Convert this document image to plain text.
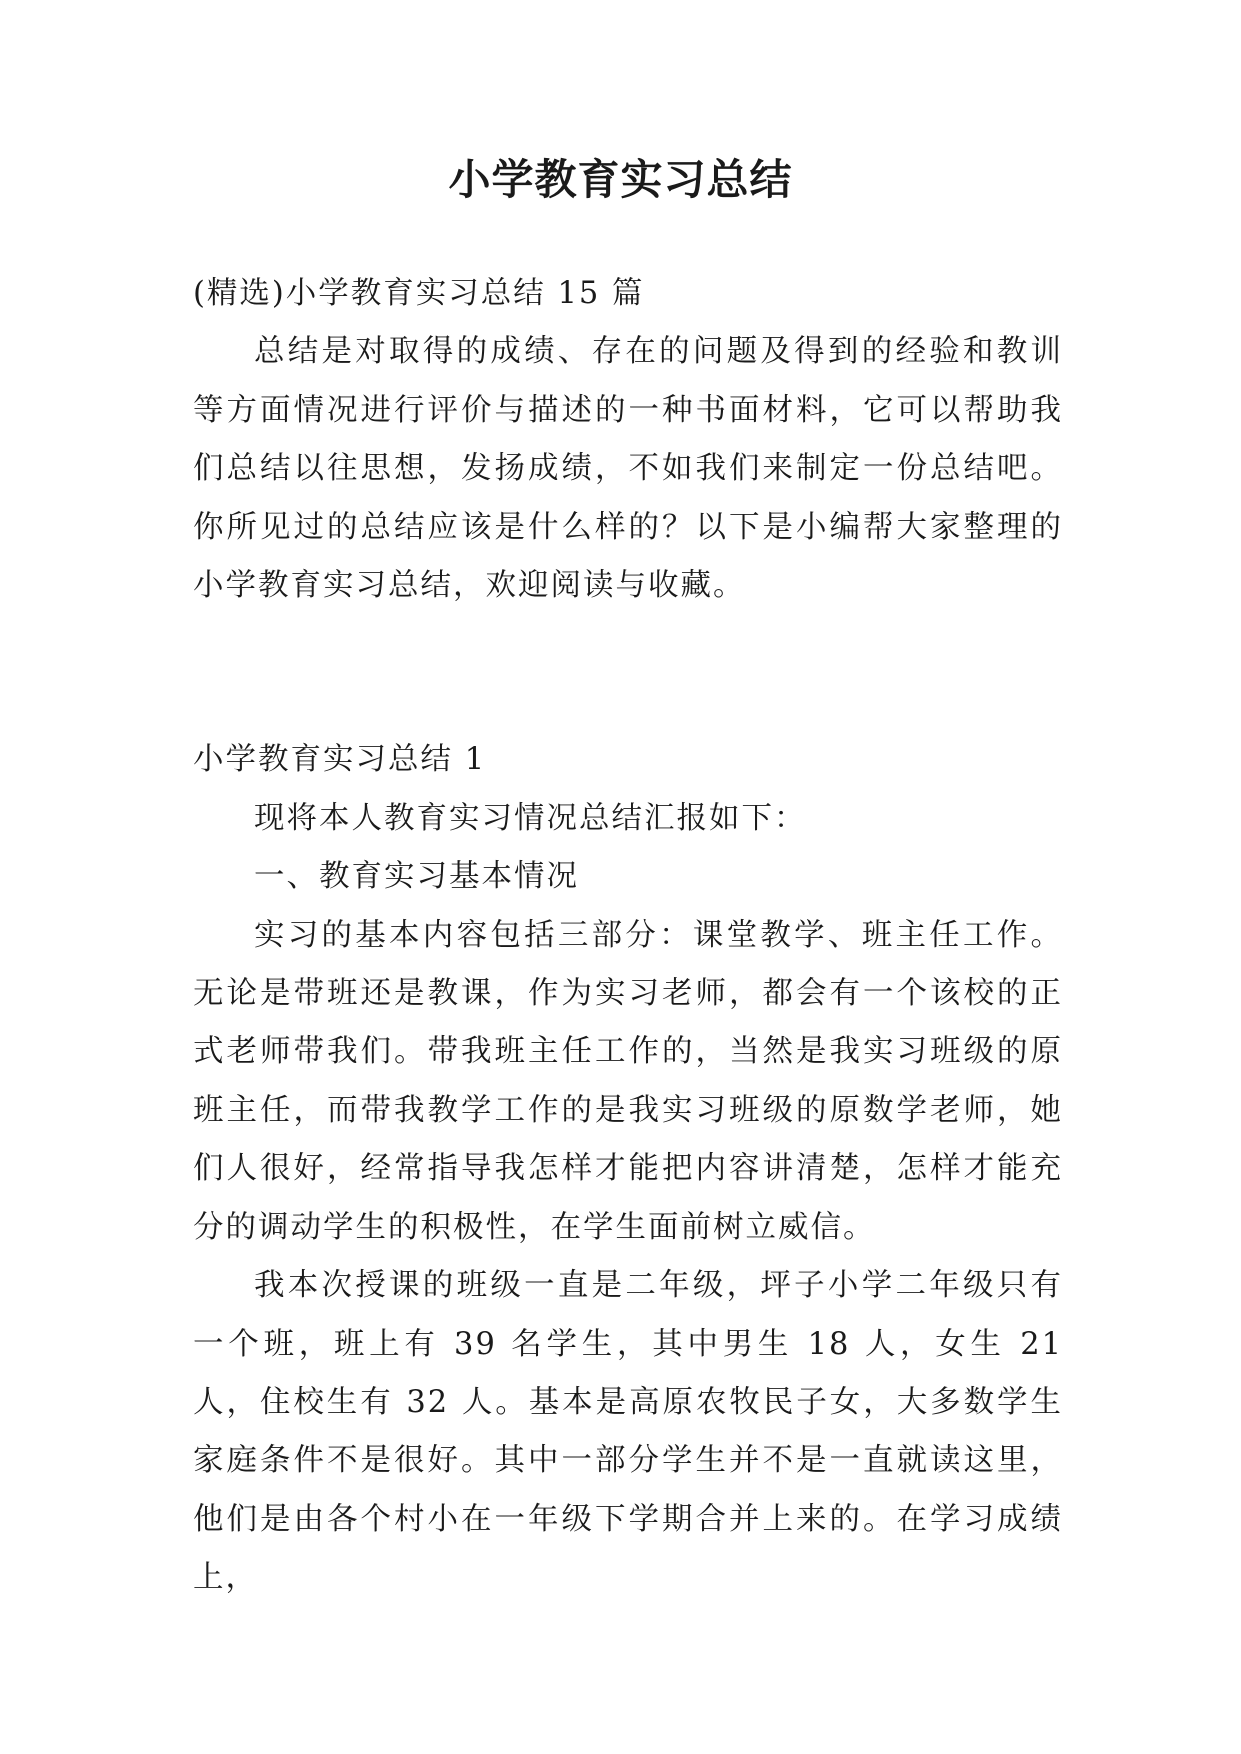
小学教育实习总结

(精选)小学教育实习总结 15 篇

总结是对取得的成绩、存在的问题及得到的经验和教训等方面情况进行评价与描述的一种书面材料，它可以帮助我们总结以往思想，发扬成绩，不如我们来制定一份总结吧。你所见过的总结应该是什么样的？以下是小编帮大家整理的小学教育实习总结，欢迎阅读与收藏。

小学教育实习总结 1

现将本人教育实习情况总结汇报如下：

一、教育实习基本情况

实习的基本内容包括三部分：课堂教学、班主任工作。无论是带班还是教课，作为实习老师，都会有一个该校的正式老师带我们。带我班主任工作的，当然是我实习班级的原班主任，而带我教学工作的是我实习班级的原数学老师，她们人很好，经常指导我怎样才能把内容讲清楚，怎样才能充分的调动学生的积极性，在学生面前树立威信。

我本次授课的班级一直是二年级，坪子小学二年级只有一个班，班上有 39 名学生，其中男生 18 人，女生 21 人，住校生有 32 人。基本是高原农牧民子女，大多数学生家庭条件不是很好。其中一部分学生并不是一直就读这里，他们是由各个村小在一年级下学期合并上来的。在学习成绩上，
